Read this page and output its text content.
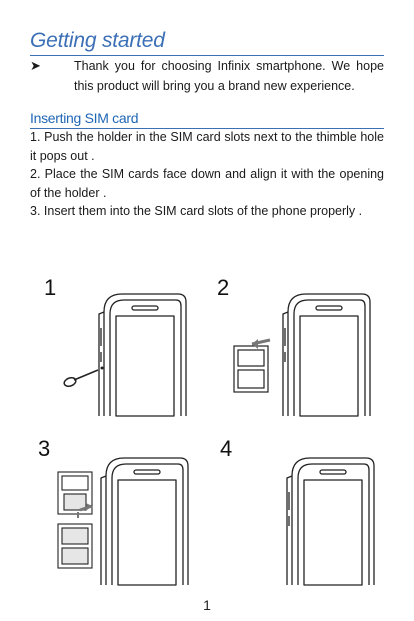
Getting started
➤	Thank you for choosing Infinix smartphone. We hope this product will bring you a brand new experience.
Inserting SIM card

1. Push the holder in the SIM card slots next to the thimble hole it pops out .

2. Place the SIM cards face down and align it with the opening of the holder .

3. Insert them into the SIM card slots of the phone properly .

1	2
3	4
1
